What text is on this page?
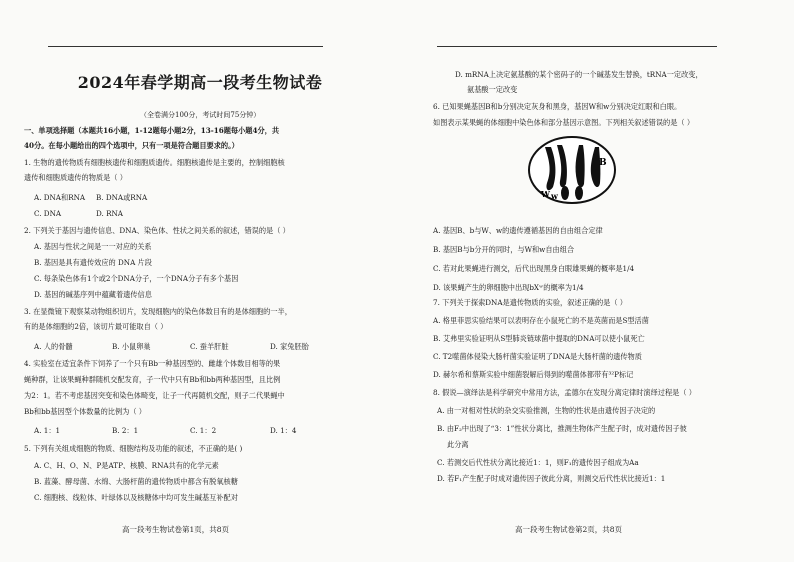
2024年春学期高一段考生物试卷
（全卷满分100分，考试时间75分钟）
一、单项选择题（本题共16小题，1-12题每小题2分，13-16题每小题4分，共
40分。在每小题给出的四个选项中，只有一项是符合题目要求的。）
1. 生物的遗传物质有细胞核遗传和细胞质遗传。细胞核遗传是主要的，控制细胞核
遗传和细胞质遗传的物质是（ ）
A. DNA和RNA B. DNA或RNA
C. DNA	D. RNA
2. 下列关于基因与遗传信息、DNA、染色体、性状之间关系的叙述，错误的是（ ）
A. 基因与性状之间是一一对应的关系
B. 基因是具有遗传效应的 DNA 片段
C. 每条染色体有1个或2个DNA分子，一个DNA分子有多个基因
D. 基因的碱基序列中蕴藏着遗传信息
3. 在显微镜下观察某动物组织切片，发现细胞内的染色体数目有的是体细胞的一半，
有的是体细胞的2倍，该切片最可能取自（ ）
A. 人的骨髓	B. 小鼠卵巢	C. 蚕羊肝脏	D. 家兔胚胎
4. 实验室在适宜条件下饲养了一个只有Bb一种基因型的、雌雄个体数目相等的果
蝇种群，让该果蝇种群随机交配发育，子一代中只有Bb和bb两种基因型，且比例
为2：1。若不考虑基因突变和染色体畸变，让子一代再随机交配，则子二代果蝇中
Bb和bb基因型个体数量的比例为（ ）
A. 1：1	B. 2：1	C. 1：2	D. 1：4
5. 下列有关组成细胞的物质、细胞结构及功能的叙述，不正确的是( )
A. C、H、O、N、P是ATP、核膜、RNA共有的化学元素
B. 蓝藻、酵母菌、水绵、大肠杆菌的遗传物质中都含有脱氧核糖
C. 细胞核、线粒体、叶绿体以及核糖体中均可发生碱基互补配对
高一段考生物试卷第1页，共8页
D. mRNA上决定氨基酸的某个密码子的一个碱基发生替换，tRNA一定改变，
氨基酸一定改变
6. 已知果蝇基因B和b分别决定灰身和黑身，基因W和w分别决定红眼和白眼。
如图表示某果蝇的体细胞中染色体和部分基因示意图。下列相关叙述错误的是（ ）
B
W w
A. 基因B、b与W、w的遗传遵循基因的自由组合定律
B. 基因B与b分开的同时，与W和w自由组合
C. 若对此果蝇进行测交，后代出现黑身白眼雄果蝇的概率是1/4
D. 该果蝇产生的卵细胞中出现bXʷ的概率为1/4
7. 下列关于探索DNA是遗传物质的实验，叙述正确的是（ ）
A. 格里菲思实验结果可以表明存在小鼠死亡的不是英菌而是S型活菌
B. 艾弗里实验证明从S型肺炎链球菌中提取的DNA可以使小鼠死亡
C. T2噬菌体侵染大肠杆菌实验证明了DNA是大肠杆菌的遗传物质
D. 赫尔希和蔡斯实验中细菌裂解后得到的噬菌体都带有³²P标记
8. 假说—演绎法是科学研究中常用方法，孟德尔在发现分离定律时演绎过程是（ ）
A. 由一对相对性状的杂交实验推测，生物的性状是由遗传因子决定的
B. 由F₂中出现了“3：1”性状分离比，推测生物体产生配子时，成对遗传因子彼
此分离
C. 若测交后代性状分离比接近1：1，则F₁的遗传因子组成为Aa
D. 若F₁产生配子时成对遗传因子彼此分离，则测交后代性状比接近1：1
高一段考生物试卷第2页，共8页
